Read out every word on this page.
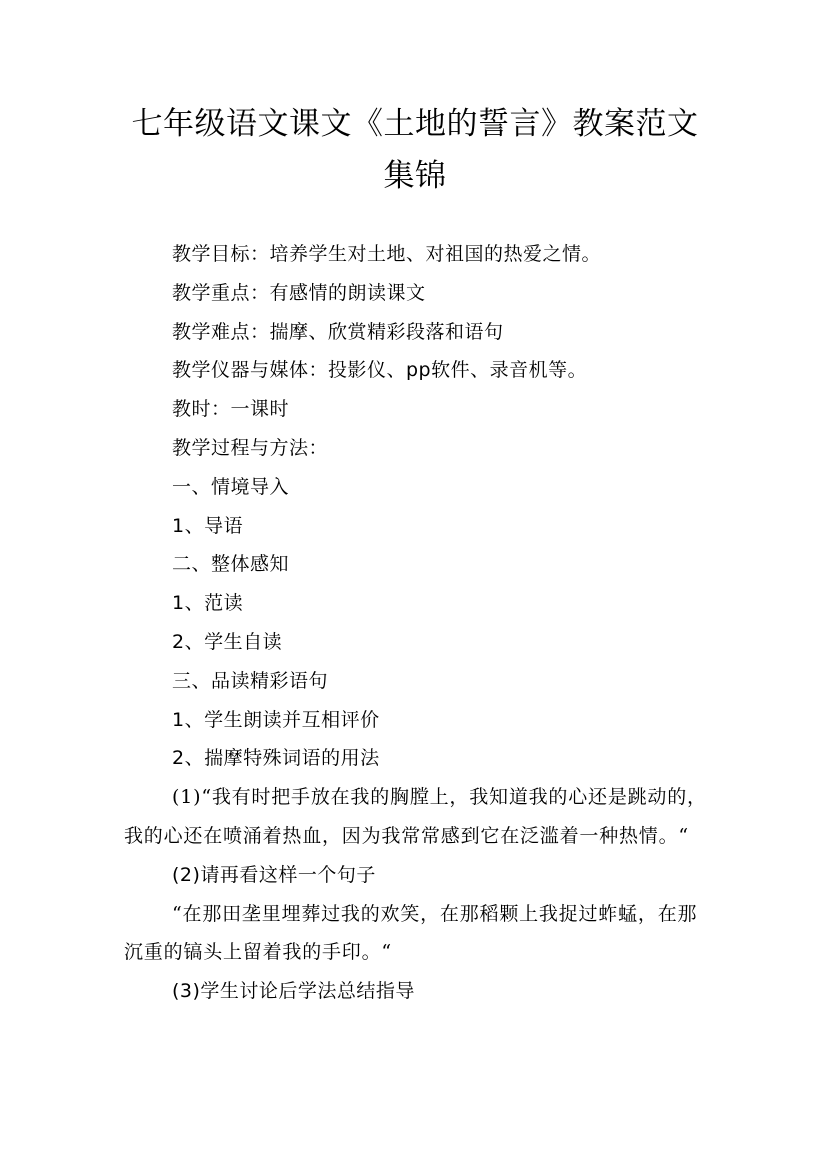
七年级语文课文《土地的誓言》教案范文集锦

教学目标：培养学生对土地、对祖国的热爱之情。

教学重点：有感情的朗读课文

教学难点：揣摩、欣赏精彩段落和语句

教学仪器与媒体：投影仪、pp软件、录音机等。

教时：一课时

教学过程与方法：

一、情境导入

1、导语

二、整体感知

1、范读

2、学生自读

三、品读精彩语句

1、学生朗读并互相评价

2、揣摩特殊词语的用法

(1)“我有时把手放在我的胸膛上，我知道我的心还是跳动的，我的心还在喷涌着热血，因为我常常感到它在泛滥着一种热情。“

(2)请再看这样一个句子

“在那田垄里埋葬过我的欢笑，在那稻颗上我捉过蚱蜢，在那沉重的镐头上留着我的手印。“

(3)学生讨论后学法总结指导
